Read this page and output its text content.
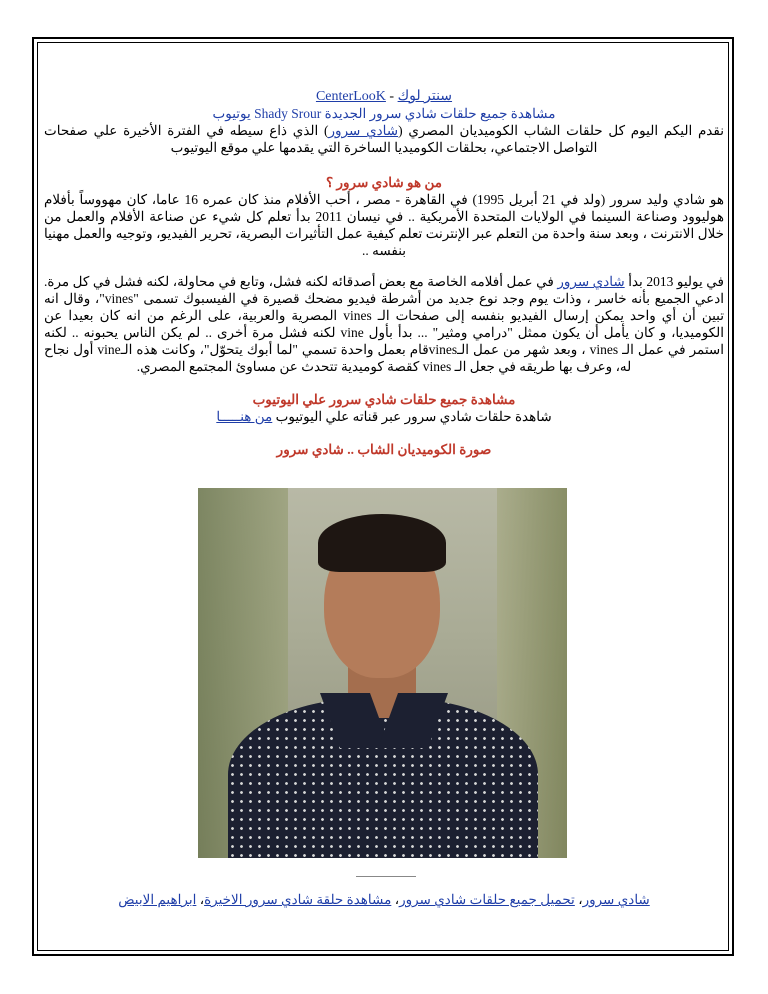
سنتر لوك - CenterLooK

مشاهدة جميع حلقات شادي سرور الجديدة Shady Srour يوتيوب

نقدم اليكم اليوم كل حلقات الشاب الكوميديان المصري (شادي سرور) الذي ذاع سيطه في الفترة الأخيرة علي صفحات التواصل الاجتماعي، بحلقات الكوميديا الساخرة التي يقدمها علي موقع اليوتيوب

من هو شادي سرور ؟

هو شادي وليد سرور (ولد في 21 أبريل 1995) في القاهرة - مصر ، أحب الأفلام منذ كان عمره 16 عاما، كان مهووساً بأفلام هوليوود وصناعة السينما في الولايات المتحدة الأمريكية .. في نيسان 2011 بدأ تعلم كل شيء عن صناعة الأفلام والعمل من خلال الانترنت ، وبعد سنة واحدة من التعلم عبر الإنترنت تعلم كيفية عمل التأثيرات البصرية، تحرير الفيديو، وتوجيه والعمل مهنيا بنفسه ..

في يوليو 2013 بدأ شادي سرور في عمل أفلامه الخاصة مع بعض أصدقائه لكنه فشل، وتابع في محاولة، لكنه فشل في كل مرة. ادعي الجميع بأنه خاسر ، وذات يوم وجد نوع جديد من أشرطة فيديو مضحك قصيرة في الفيسبوك تسمى "vines"، وقال انه تبين أن أي واحد يمكن إرسال الفيديو بنفسه إلى صفحات الـ vines المصرية والعربية، على الرغم من انه كان بعيدا عن الكوميديا، و كان يأمل أن يكون ممثل "درامي ومثير" ... بدأ بأول vine لكنه فشل مرة أخرى .. لم يكن الناس يحبونه .. لكنه استمر في عمل الـ vines ، وبعد شهر من عمل الـvinesقام بعمل واحدة تسمي "لما أبوك يتحوّل"، وكانت هذه الـvine أول نجاح له، وعرف بها طريقه في جعل الـ vines كقصة كوميدية تتحدث عن مساوئ المجتمع المصري.

مشاهدة جميع حلقات شادي سرور علي اليوتيوب

شاهدة حلقات شادي سرور عبر قناته علي اليوتيوب من هنـــــا

صورة الكوميديان الشاب .. شادي سرور

شادي سرور، تحميل جميع حلقات شادي سرور، مشاهدة حلقة شادي سرور الاخيرة، ابراهيم الابيض
